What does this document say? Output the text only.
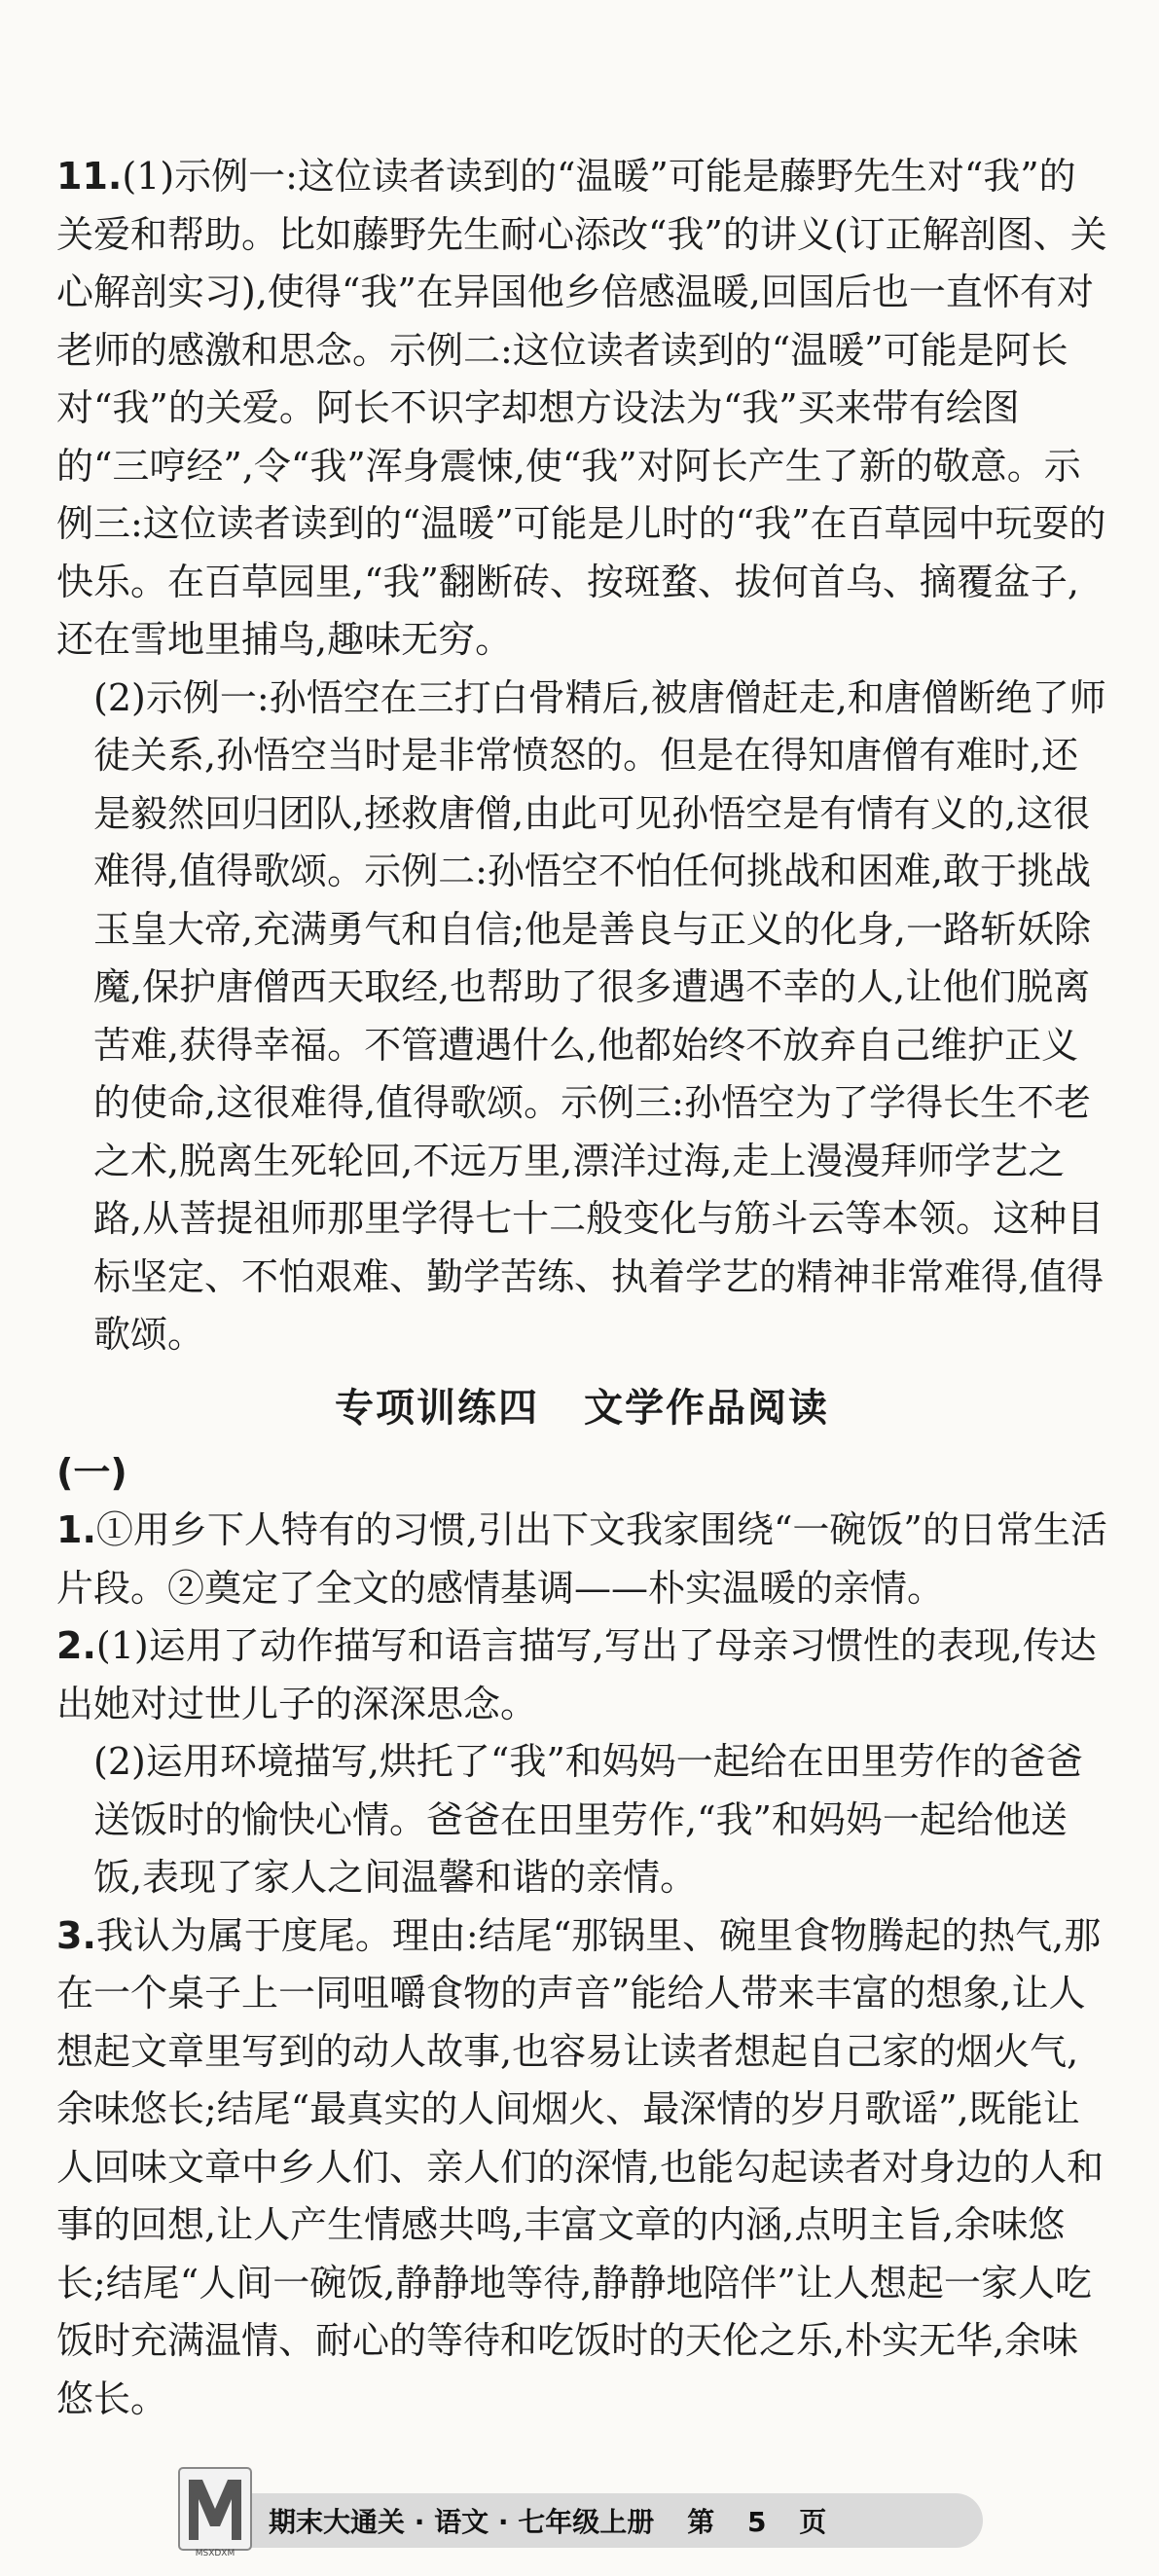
11.(1)示例一:这位读者读到的“温暖”可能是藤野先生对“我”的关爱和帮助。比如藤野先生耐心添改“我”的讲义(订正解剖图、关心解剖实习),使得“我”在异国他乡倍感温暖,回国后也一直怀有对老师的感激和思念。示例二:这位读者读到的“温暖”可能是阿长对“我”的关爱。阿长不识字却想方设法为“我”买来带有绘图的“三哼经”,令“我”浑身震悚,使“我”对阿长产生了新的敬意。示例三:这位读者读到的“温暖”可能是儿时的“我”在百草园中玩耍的快乐。在百草园里,“我”翻断砖、按斑蝥、拔何首乌、摘覆盆子,还在雪地里捕鸟,趣味无穷。

(2)示例一:孙悟空在三打白骨精后,被唐僧赶走,和唐僧断绝了师徒关系,孙悟空当时是非常愤怒的。但是在得知唐僧有难时,还是毅然回归团队,拯救唐僧,由此可见孙悟空是有情有义的,这很难得,值得歌颂。示例二:孙悟空不怕任何挑战和困难,敢于挑战玉皇大帝,充满勇气和自信;他是善良与正义的化身,一路斩妖除魔,保护唐僧西天取经,也帮助了很多遭遇不幸的人,让他们脱离苦难,获得幸福。不管遭遇什么,他都始终不放弃自己维护正义的使命,这很难得,值得歌颂。示例三:孙悟空为了学得长生不老之术,脱离生死轮回,不远万里,漂洋过海,走上漫漫拜师学艺之路,从菩提祖师那里学得七十二般变化与筋斗云等本领。这种目标坚定、不怕艰难、勤学苦练、执着学艺的精神非常难得,值得歌颂。

专项训练四 文学作品阅读

(一)

1.①用乡下人特有的习惯,引出下文我家围绕“一碗饭”的日常生活片段。②奠定了全文的感情基调——朴实温暖的亲情。

2.(1)运用了动作描写和语言描写,写出了母亲习惯性的表现,传达出她对过世儿子的深深思念。

(2)运用环境描写,烘托了“我”和妈妈一起给在田里劳作的爸爸送饭时的愉快心情。爸爸在田里劳作,“我”和妈妈一起给他送饭,表现了家人之间温馨和谐的亲情。

3.我认为属于度尾。理由:结尾“那锅里、碗里食物腾起的热气,那在一个桌子上一同咀嚼食物的声音”能给人带来丰富的想象,让人想起文章里写到的动人故事,也容易让读者想起自己家的烟火气,余味悠长;结尾“最真实的人间烟火、最深情的岁月歌谣”,既能让人回味文章中乡人们、亲人们的深情,也能勾起读者对身边的人和事的回想,让人产生情感共鸣,丰富文章的内涵,点明主旨,余味悠长;结尾“人间一碗饭,静静地等待,静静地陪伴”让人想起一家人吃饭时充满温情、耐心的等待和吃饭时的天伦之乐,朴实无华,余味悠长。

期末大通关 · 语文 · 七年级上册 第 5 页
MSXDXM
